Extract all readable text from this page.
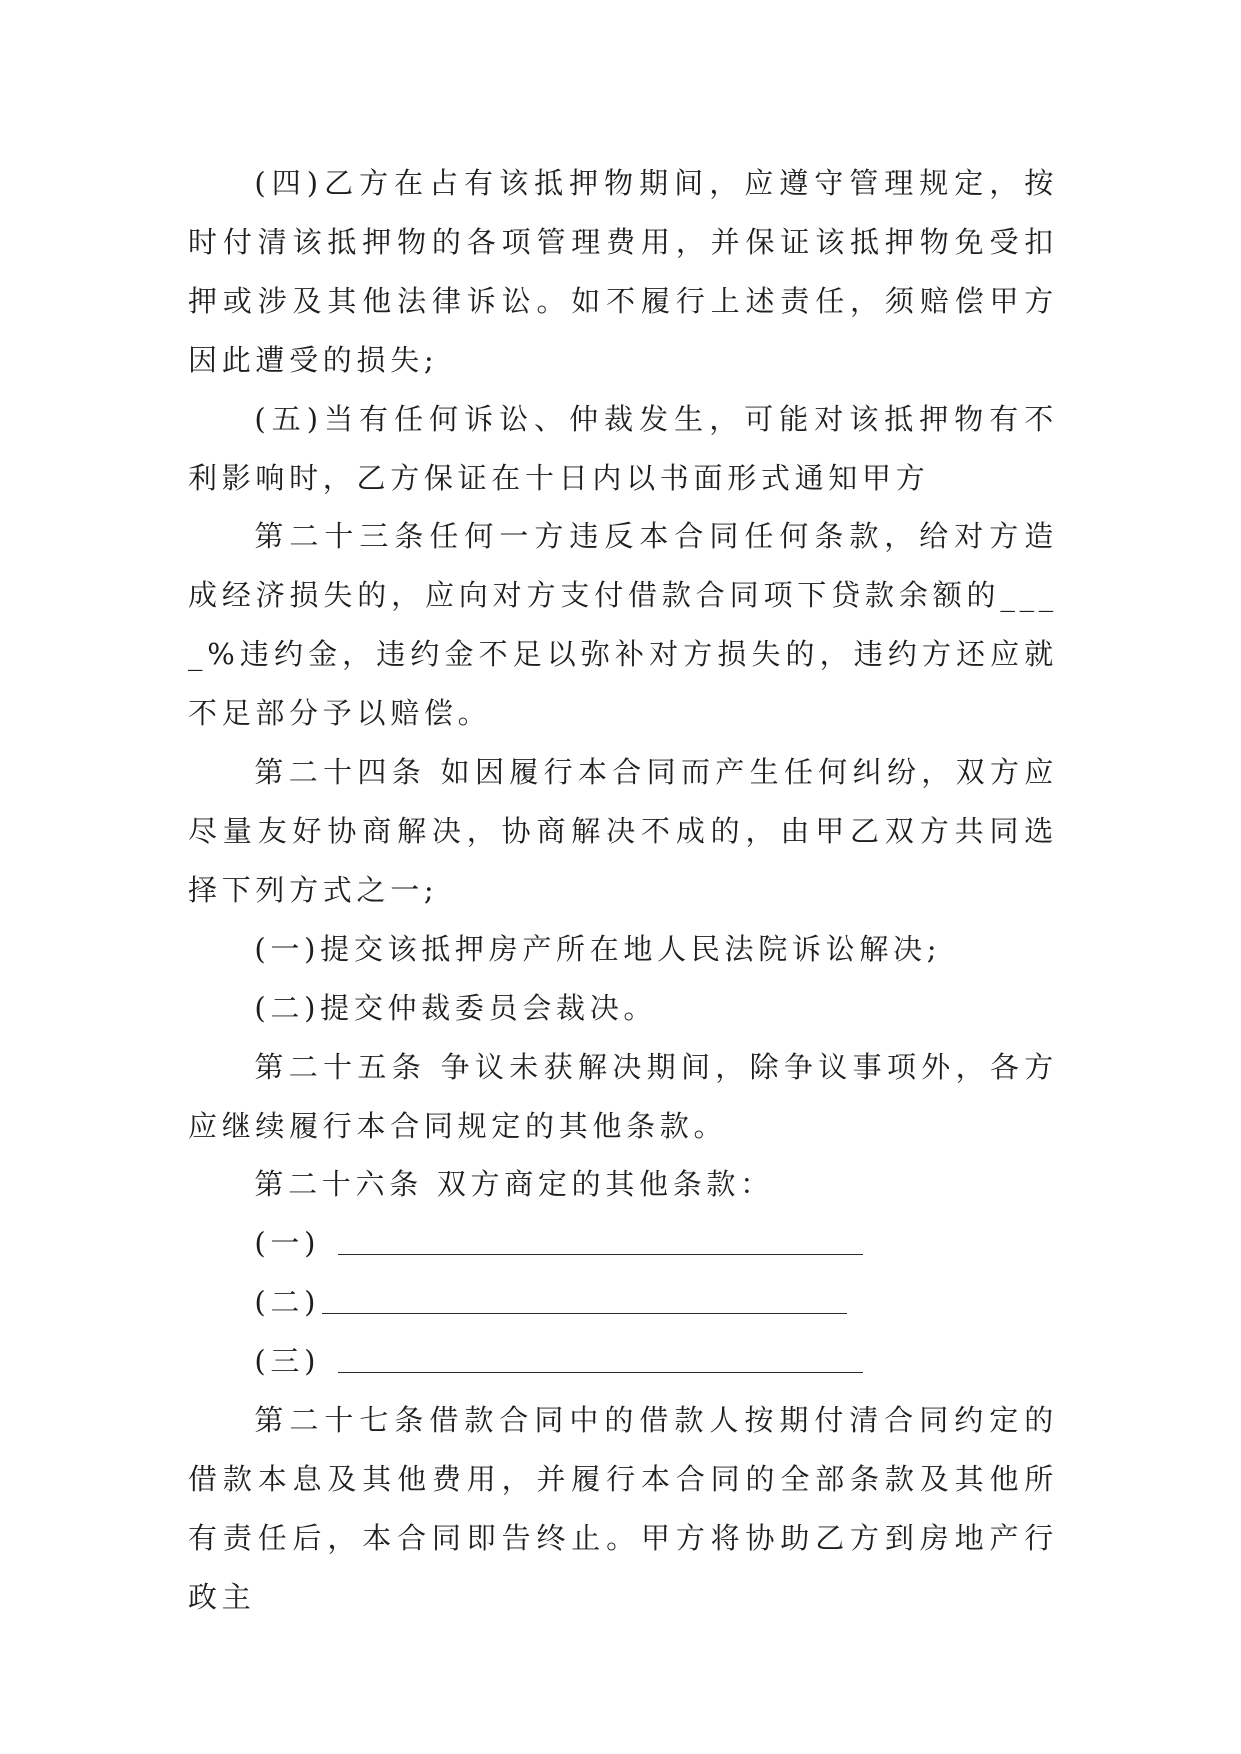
(四)乙方在占有该抵押物期间，应遵守管理规定，按时付清该抵押物的各项管理费用，并保证该抵押物免受扣押或涉及其他法律诉讼。如不履行上述责任，须赔偿甲方因此遭受的损失;

(五)当有任何诉讼、仲裁发生，可能对该抵押物有不利影响时，乙方保证在十日内以书面形式通知甲方

第二十三条任何一方违反本合同任何条款，给对方造成经济损失的，应向对方支付借款合同项下贷款余额的____%违约金，违约金不足以弥补对方损失的，违约方还应就不足部分予以赔偿。

第二十四条 如因履行本合同而产生任何纠纷，双方应尽量友好协商解决，协商解决不成的，由甲乙双方共同选择下列方式之一;

(一)提交该抵押房产所在地人民法院诉讼解决;

(二)提交仲裁委员会裁决。

第二十五条 争议未获解决期间，除争议事项外，各方应继续履行本合同规定的其他条款。

第二十六条 双方商定的其他条款：

(一)

(二)

(三)

第二十七条借款合同中的借款人按期付清合同约定的借款本息及其他费用，并履行本合同的全部条款及其他所有责任后，本合同即告终止。甲方将协助乙方到房地产行政主
